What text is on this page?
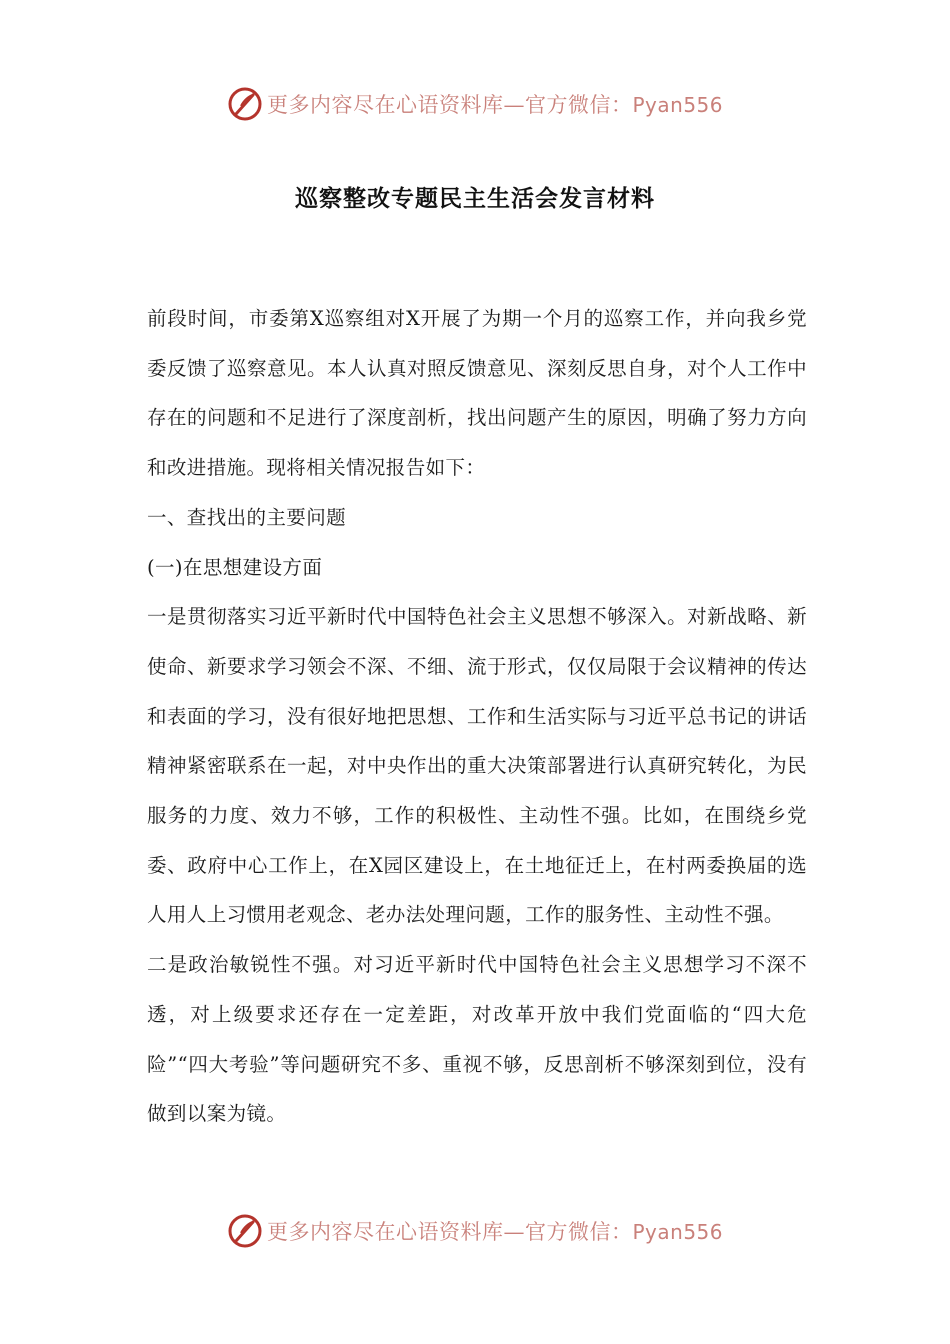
更多内容尽在心语资料库—官方微信：Pyan556
巡察整改专题民主生活会发言材料

前段时间，市委第X巡察组对X开展了为期一个月的巡察工作，并向我乡党委反馈了巡察意见。本人认真对照反馈意见、深刻反思自身，对个人工作中存在的问题和不足进行了深度剖析，找出问题产生的原因，明确了努力方向和改进措施。现将相关情况报告如下：

一、查找出的主要问题

(一)在思想建设方面

一是贯彻落实习近平新时代中国特色社会主义思想不够深入。对新战略、新使命、新要求学习领会不深、不细、流于形式，仅仅局限于会议精神的传达和表面的学习，没有很好地把思想、工作和生活实际与习近平总书记的讲话精神紧密联系在一起，对中央作出的重大决策部署进行认真研究转化，为民服务的力度、效力不够，工作的积极性、主动性不强。比如，在围绕乡党委、政府中心工作上，在X园区建设上，在土地征迁上，在村两委换届的选人用人上习惯用老观念、老办法处理问题，工作的服务性、主动性不强。

二是政治敏锐性不强。对习近平新时代中国特色社会主义思想学习不深不透，对上级要求还存在一定差距，对改革开放中我们党面临的“四大危险”“四大考验”等问题研究不多、重视不够，反思剖析不够深刻到位，没有做到以案为镜。

更多内容尽在心语资料库—官方微信：Pyan556
